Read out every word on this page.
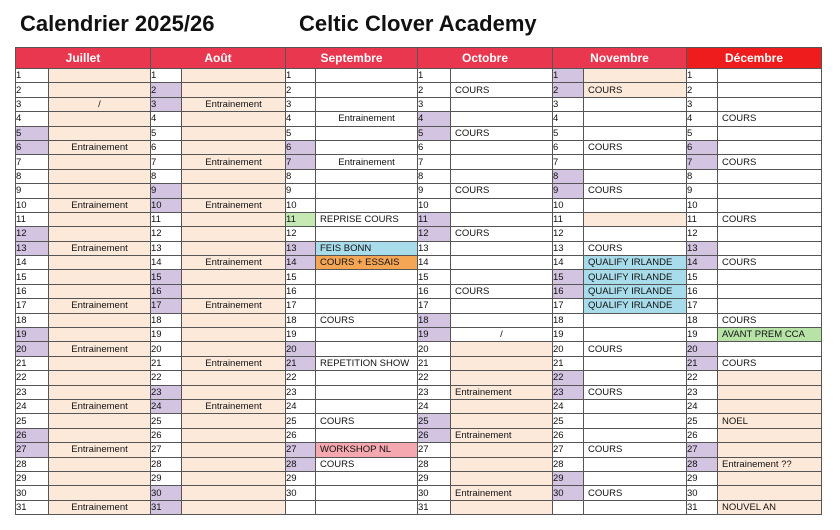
Calendrier 2025/26	Celtic Clover Academy
Juillet		Août		Septembre		Octobre		Novembre		Décembre	
1		1		1		1		1		1	
2		2		2		2	COURS	2	COURS	2	
3	/	3	Entrainement	3		3		3		3	
4		4		4	Entrainement	4		4		4	COURS
5		5		5		5	COURS	5		5	
6	Entrainement	6		6		6		6	COURS	6	
7		7	Entrainement	7	Entrainement	7		7		7	COURS
8		8		8		8		8		8	
9		9		9		9	COURS	9	COURS	9	
10	Entrainement	10	Entrainement	10		10		10		10	
11		11		11	REPRISE COURS	11		11		11	COURS
12		12		12		12	COURS	12		12	
13	Entrainement	13		13	FEIS BONN	13		13	COURS	13	
14		14	Entrainement	14	COURS + ESSAIS	14		14	QUALIFY IRLANDE	14	COURS
15		15		15		15		15	QUALIFY IRLANDE	15	
16		16		16		16	COURS	16	QUALIFY IRLANDE	16	
17	Entrainement	17	Entrainement	17		17		17	QUALIFY IRLANDE	17	
18		18		18	COURS	18		18		18	COURS
19		19		19		19	/	19		19	AVANT PREM CCA
20	Entrainement	20		20		20		20	COURS	20	
21		21	Entrainement	21	REPETITION SHOW	21		21		21	COURS
22		22		22		22		22		22	
23		23		23		23	Entrainement	23	COURS	23	
24	Entrainement	24	Entrainement	24		24		24		24	
25		25		25	COURS	25		25		25	NOEL
26		26		26		26	Entrainement	26		26	
27	Entrainement	27		27	WORKSHOP NL	27		27	COURS	27	
28		28		28	COURS	28		28		28	Entrainement ??
29		29		29		29		29		29	
30		30		30		30	Entrainement	30	COURS	30	
31	Entrainement	31				31				31	NOUVEL AN
